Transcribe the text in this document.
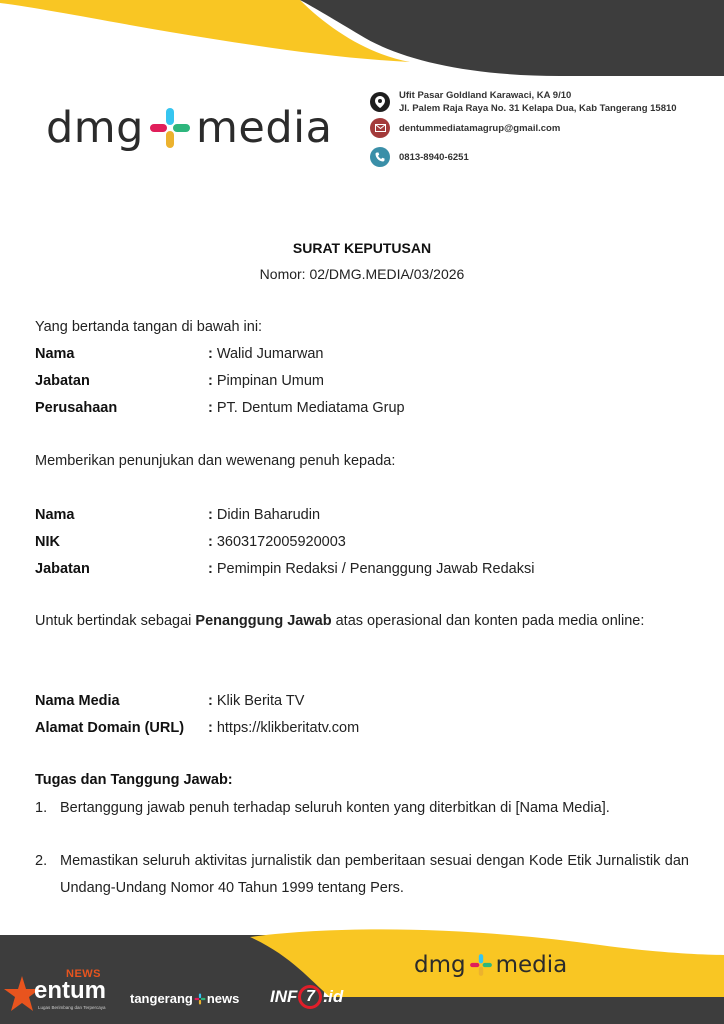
dmg media
Ufit Pasar Goldland Karawaci, KA 9/10
Jl. Palem Raja Raya No. 31 Kelapa Dua, Kab Tangerang 15810
dentummediatamagrup@gmail.com
0813-8940-6251
SURAT KEPUTUSAN
Nomor: 02/DMG.MEDIA/03/2026
Yang bertanda tangan di bawah ini:
Nama	: Walid Jumarwan
Jabatan	: Pimpinan Umum
Perusahaan	: PT. Dentum Mediatama Grup
Memberikan penunjukan dan wewenang penuh kepada:
Nama	: Didin Baharudin
NIK	: 3603172005920003
Jabatan	: Pemimpin Redaksi / Penanggung Jawab Redaksi
Untuk bertindak sebagai Penanggung Jawab atas operasional dan konten pada media online:
Nama Media	: Klik Berita TV
Alamat Domain (URL) : https://klikberitatv.com
Tugas dan Tanggung Jawab:
1. Bertanggung jawab penuh terhadap seluruh konten yang diterbitkan di [Nama Media].
2. Memastikan seluruh aktivitas jurnalistik dan pemberitaan sesuai dengan Kode Etik Jurnalistik dan Undang-Undang Nomor 40 Tahun 1999 tentang Pers.
dmg media
NEWS
entum
Lugas Berimbang dan Terpercaya
tangerang news INF 7 .id
